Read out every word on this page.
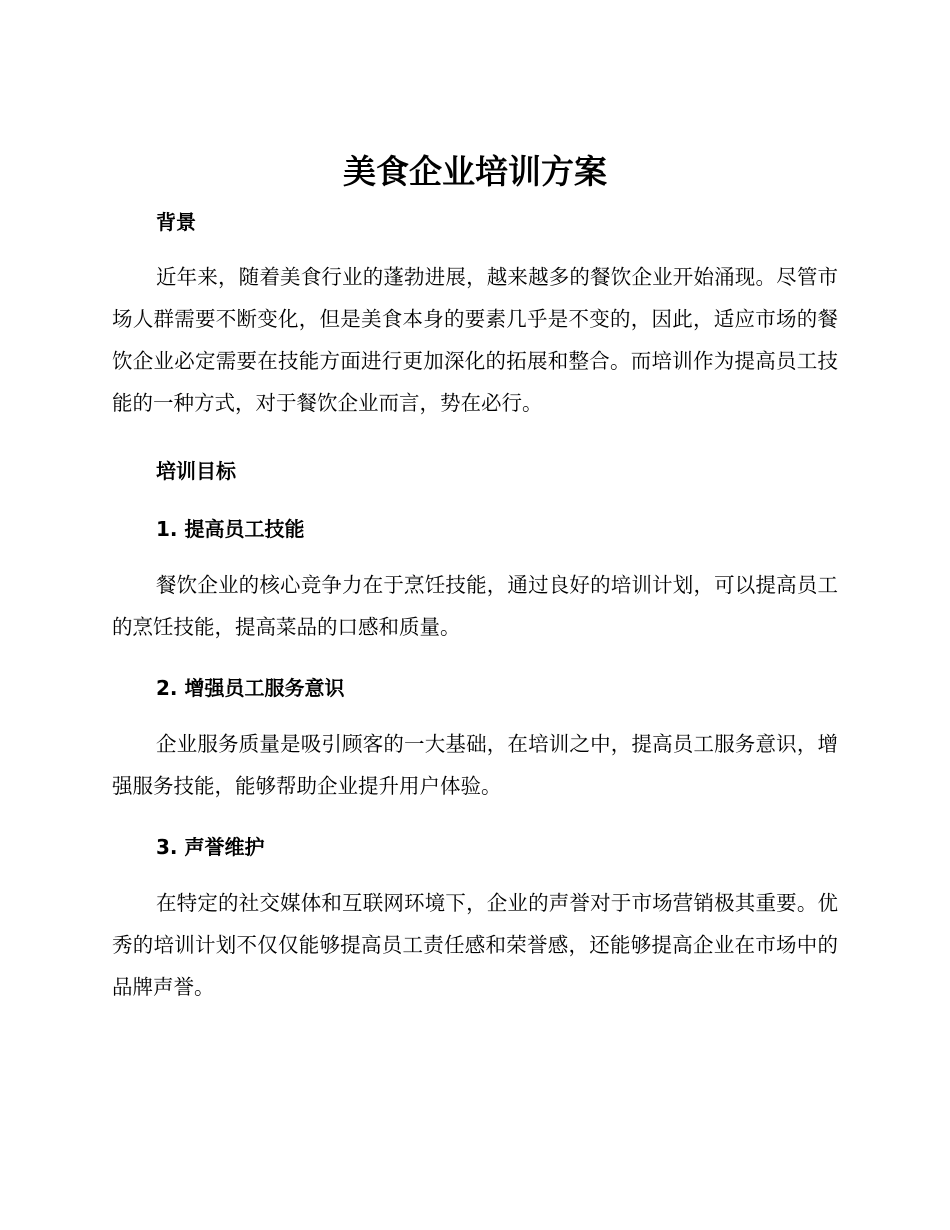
美食企业培训方案
背景

近年来，随着美食行业的蓬勃进展，越来越多的餐饮企业开始涌现。尽管市场人群需要不断变化，但是美食本身的要素几乎是不变的，因此，适应市场的餐饮企业必定需要在技能方面进行更加深化的拓展和整合。而培训作为提高员工技能的一种方式，对于餐饮企业而言，势在必行。

培训目标
1. 提高员工技能

餐饮企业的核心竞争力在于烹饪技能，通过良好的培训计划，可以提高员工的烹饪技能，提高菜品的口感和质量。

2. 增强员工服务意识

企业服务质量是吸引顾客的一大基础，在培训之中，提高员工服务意识，增强服务技能，能够帮助企业提升用户体验。

3. 声誉维护

在特定的社交媒体和互联网环境下，企业的声誉对于市场营销极其重要。优秀的培训计划不仅仅能够提高员工责任感和荣誉感，还能够提高企业在市场中的品牌声誉。
